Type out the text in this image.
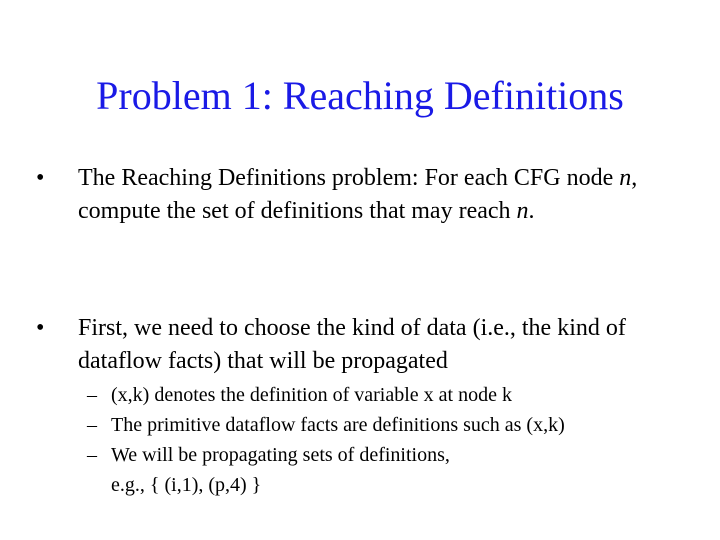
Problem 1: Reaching Definitions
•	The Reaching Definitions problem: For each CFG node n, compute the set of definitions that may reach n.
•	First, we need to choose the kind of data (i.e., the kind of dataflow facts) that will be propagated
– (x,k) denotes the definition of variable x at node k
– The primitive dataflow facts are definitions such as (x,k)
– We will be propagating sets of definitions,
e.g., { (i,1), (p,4) }
